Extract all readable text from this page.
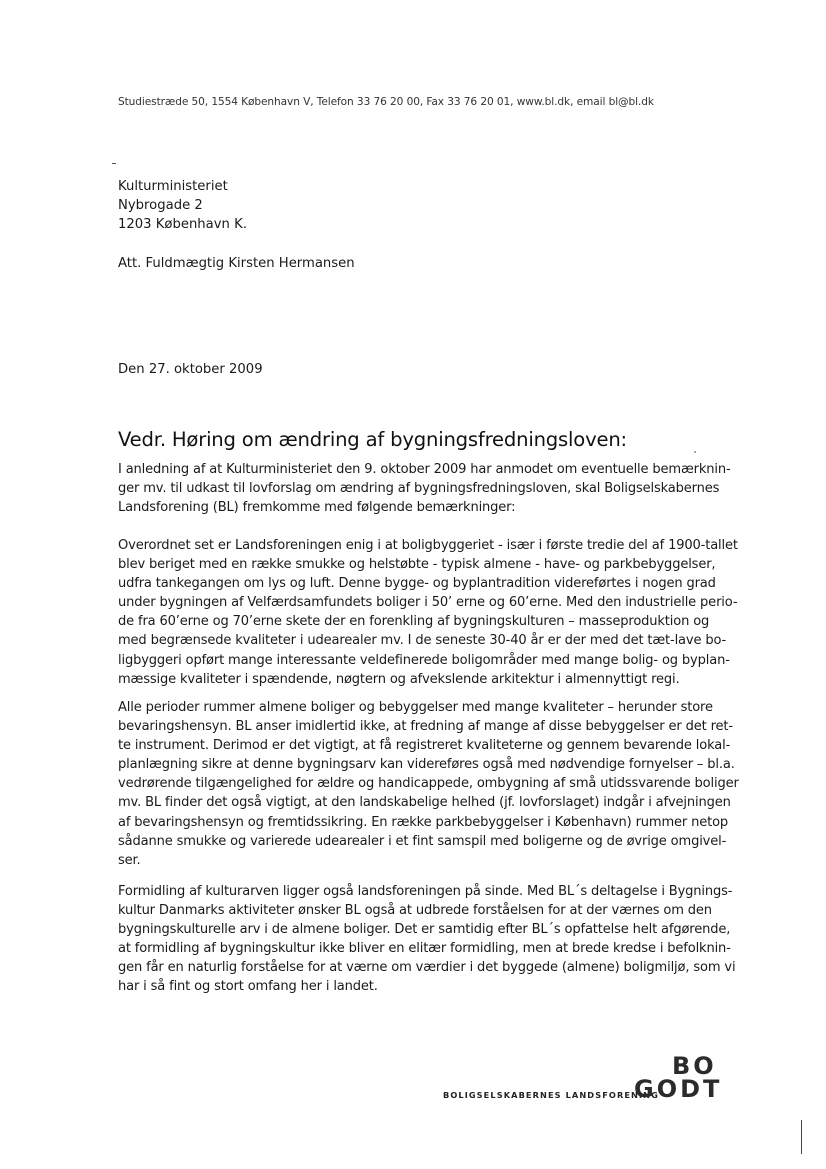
Studiestræde 50, 1554 København V, Telefon 33 76 20 00, Fax 33 76 20 01, www.bl.dk, email bl@bl.dk
Kulturministeriet
Nybrogade 2
1203 København K.
Att. Fuldmægtig Kirsten Hermansen
Den 27. oktober 2009
Vedr. Høring om ændring af bygningsfredningsloven:
I anledning af at Kulturministeriet den 9. oktober 2009 har anmodet om eventuelle bemærknin-
ger mv. til udkast til lovforslag om ændring af bygningsfredningsloven, skal Boligselskabernes
Landsforening (BL) fremkomme med følgende bemærkninger:
Overordnet set er Landsforeningen enig i at boligbyggeriet - især i første tredie del af 1900-tallet
blev beriget med en række smukke og helstøbte - typisk almene - have- og parkbebyggelser,
udfra tankegangen om lys og luft. Denne bygge- og byplantradition videreførtes i nogen grad
under bygningen af Velfærdsamfundets boliger i 50’ erne og 60’erne. Med den industrielle perio-
de fra 60’erne og 70’erne skete der en forenkling af bygningskulturen – masseproduktion og
med begrænsede kvaliteter i udearealer mv. I de seneste 30-40 år er der med det tæt-lave bo-
ligbyggeri opført mange interessante veldefinerede boligområder med mange bolig- og byplan-
mæssige kvaliteter i spændende, nøgtern og afvekslende arkitektur i almennyttigt regi.
Alle perioder rummer almene boliger og bebyggelser med mange kvaliteter – herunder store
bevaringshensyn. BL anser imidlertid ikke, at fredning af mange af disse bebyggelser er det ret-
te instrument. Derimod er det vigtigt, at få registreret kvaliteterne og gennem bevarende lokal-
planlægning sikre at denne bygningsarv kan videreføres også med nødvendige fornyelser – bl.a.
vedrørende tilgængelighed for ældre og handicappede, ombygning af små utidssvarende boliger
mv. BL finder det også vigtigt, at den landskabelige helhed (jf. lovforslaget) indgår i afvejningen
af bevaringshensyn og fremtidssikring. En række parkbebyggelser i København) rummer netop
sådanne smukke og varierede udearealer i et fint samspil med boligerne og de øvrige omgivel-
ser.
Formidling af kulturarven ligger også landsforeningen på sinde. Med BL´s deltagelse i Bygnings-
kultur Danmarks aktiviteter ønsker BL også at udbrede forståelsen for at der værnes om den
bygningskulturelle arv i de almene boliger. Det er samtidig efter BL´s opfattelse helt afgørende,
at formidling af bygningskultur ikke bliver en elitær formidling, men at brede kredse i befolknin-
gen får en naturlig forståelse for at værne om værdier i det byggede (almene) boligmiljø, som vi
har i så fint og stort omfang her i landet.
BOLIGSELSKABERNES LANDSFORENING
BO
GODT
